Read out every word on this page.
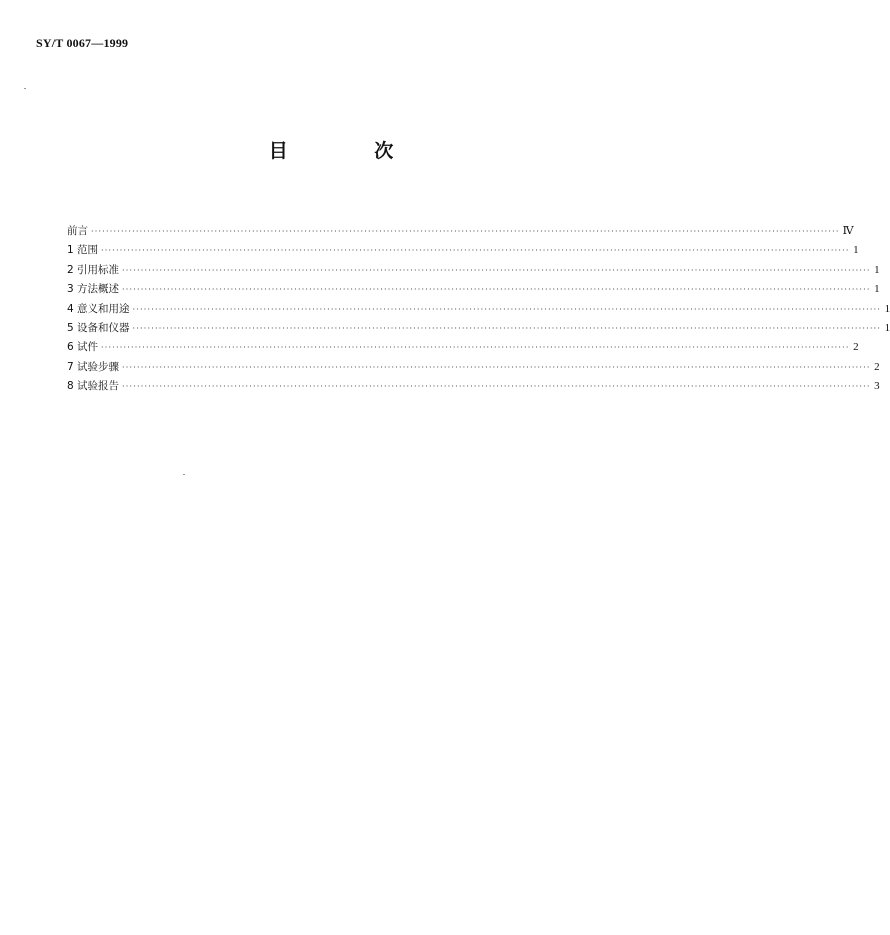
SY/T 0067—1999
目 次
前言 ········································································································································································································ Ⅳ
1 范围 ········································································································································································································ 1
2 引用标准 ········································································································································································································ 1
3 方法概述 ········································································································································································································ 1
4 意义和用途 ········································································································································································································ 1
5 设备和仪器 ········································································································································································································ 1
6 试件 ········································································································································································································ 2
7 试验步骤 ········································································································································································································ 2
8 试验报告 ········································································································································································································ 3
